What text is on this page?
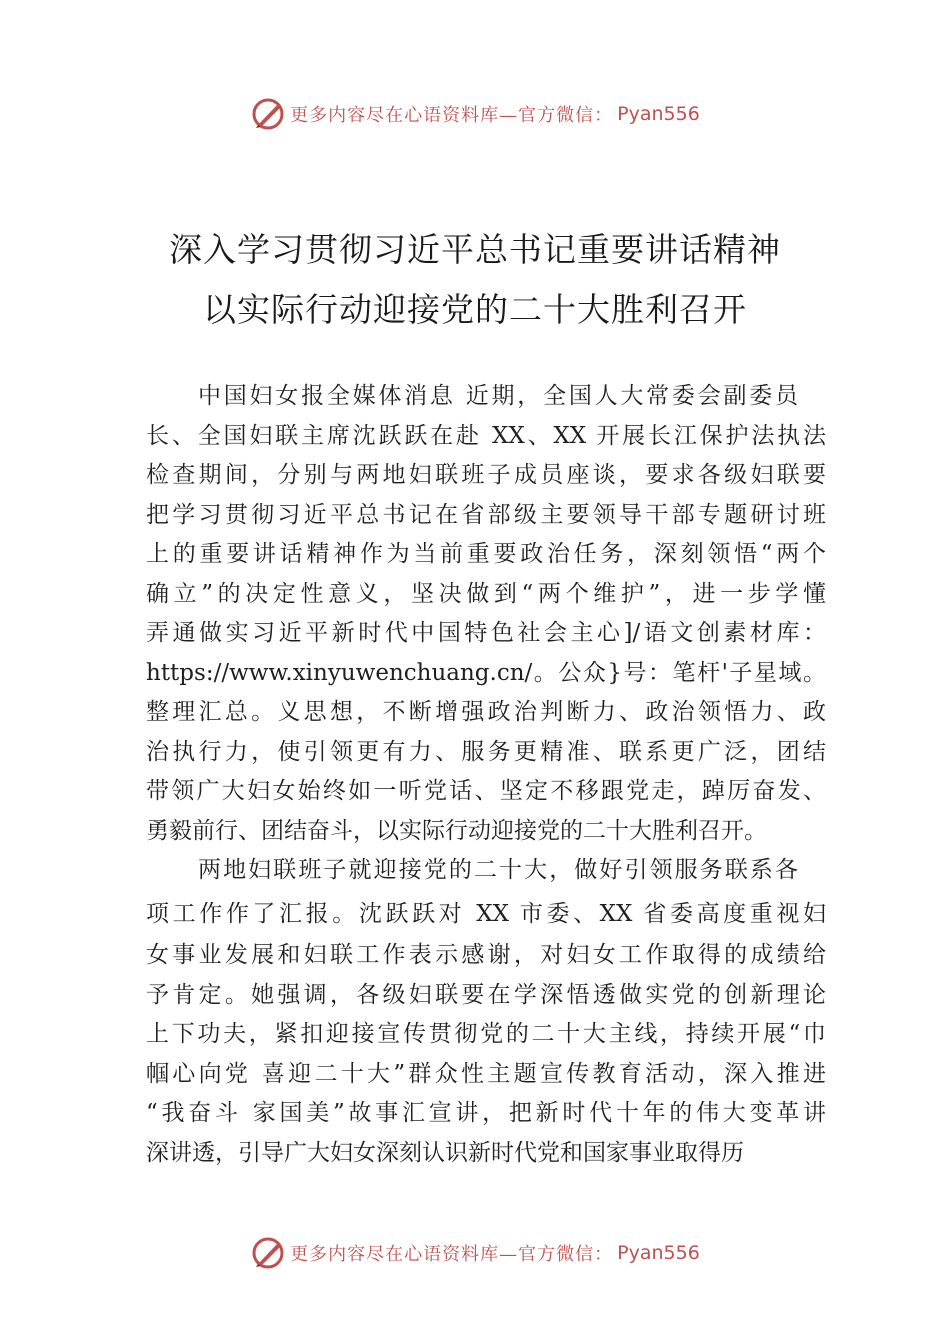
更多内容尽在心语资料库—官方微信： Pyan556
深入学习贯彻习近平总书记重要讲话精神
以实际行动迎接党的二十大胜利召开
中国妇女报全媒体消息 近期，全国人大常委会副委员
长、全国妇联主席沈跃跃在赴 XX、XX 开展长江保护法执法
检查期间，分别与两地妇联班子成员座谈，要求各级妇联要
把学习贯彻习近平总书记在省部级主要领导干部专题研讨班
上的重要讲话精神作为当前重要政治任务，深刻领悟“两个
确立”的决定性意义，坚决做到“两个维护”，进一步学懂
弄通做实习近平新时代中国特色社会主心]/语文创素材库：
https://www.xinyuwenchuang.cn/。公众}号：笔杆'子星域。
整理汇总。义思想，不断增强政治判断力、政治领悟力、政
治执行力，使引领更有力、服务更精准、联系更广泛，团结
带领广大妇女始终如一听党话、坚定不移跟党走，踔厉奋发、
勇毅前行、团结奋斗，以实际行动迎接党的二十大胜利召开。
两地妇联班子就迎接党的二十大，做好引领服务联系各
项工作作了汇报。沈跃跃对 XX 市委、XX 省委高度重视妇
女事业发展和妇联工作表示感谢，对妇女工作取得的成绩给
予肯定。她强调，各级妇联要在学深悟透做实党的创新理论
上下功夫，紧扣迎接宣传贯彻党的二十大主线，持续开展“巾
帼心向党 喜迎二十大”群众性主题宣传教育活动，深入推进
“我奋斗 家国美”故事汇宣讲，把新时代十年的伟大变革讲
深讲透，引导广大妇女深刻认识新时代党和国家事业取得历
更多内容尽在心语资料库—官方微信： Pyan556
